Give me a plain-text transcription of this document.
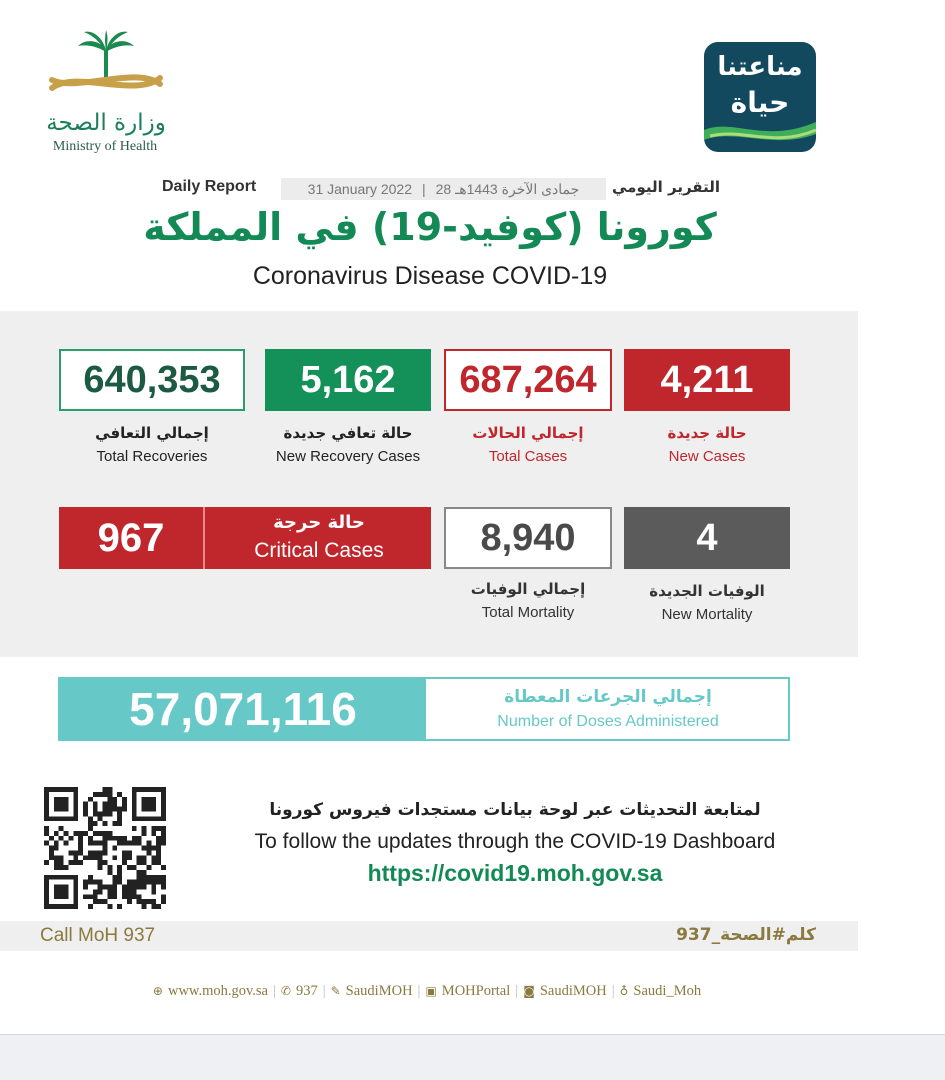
وزارة الصحة
Ministry of Health
مناعتنا
حياة
Daily Report	31 January 2022 | 28 جمادى الآخرة 1443هـ التقرير اليومي
كورونا (كوفيد-19) في المملكة
Coronavirus Disease COVID-19
640,353
إجمالي التعافي
Total Recoveries
5,162
حالة تعافي جديدة
New Recovery Cases
687,264
إجمالي الحالات
Total Cases
4,211
حالة جديدة
New Cases
967	حالة حرجة
Critical Cases	8,940
إجمالي الوفيات
Total Mortality
4
الوفيات الجديدة
New Mortality
57,071,116	إجمالي الجرعات المعطاة
Number of Doses Administered
لمتابعة التحديثات عبر لوحة بيانات مستجدات فيروس كورونا
To follow the updates through the COVID-19 Dashboard
https://covid19.moh.gov.sa
Call MoH 937	كلم#الصحة_937
⊕ www.moh.gov.sa | ✆ 937 | ✎ SaudiMOH | ▣ MOHPortal | ◙ SaudiMOH | ♁ Saudi_Moh
